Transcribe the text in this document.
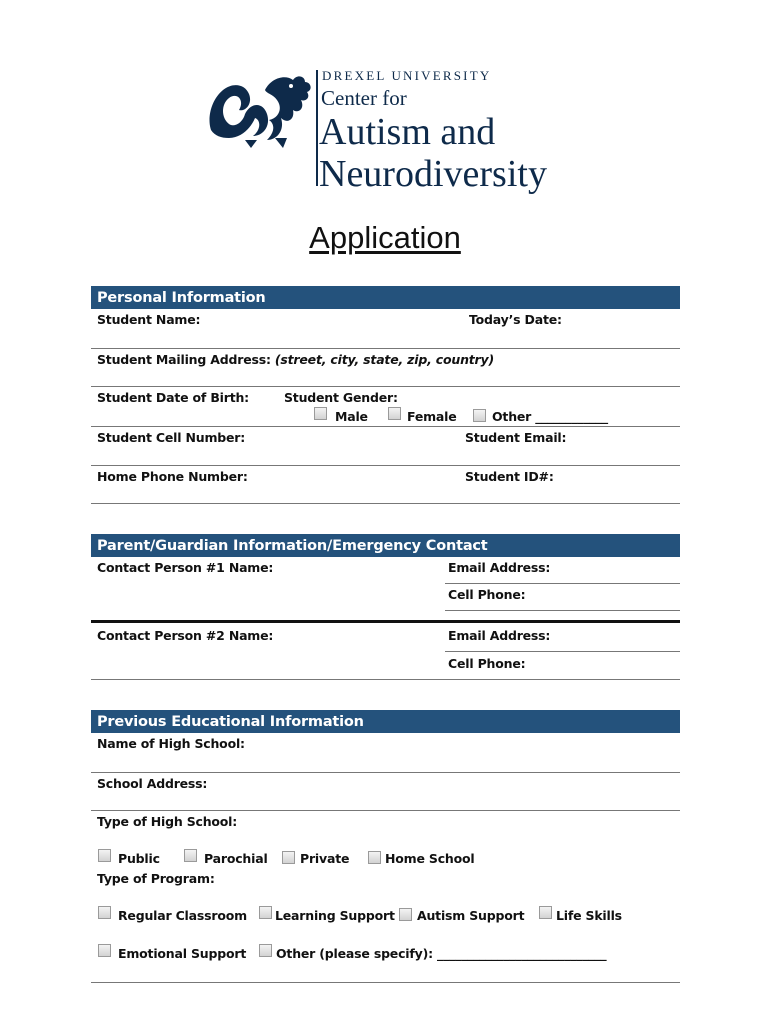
DREXEL UNIVERSITY
Center for
Autism and
Neurodiversity
Application
Personal Information
Student Name:	Today’s Date:
Student Mailing Address: (street, city, state, zip, country)
Student Date of Birth:	Student Gender:
Male	Female	Other ____________
Student Cell Number:	Student Email:
Home Phone Number:	Student ID#:
Parent/Guardian Information/Emergency Contact
Contact Person #1 Name:	Email Address:
Cell Phone:
Contact Person #2 Name:	Email Address:
Cell Phone:
Previous Educational Information
Name of High School:
School Address:
Type of High School:
Public	Parochial	Private	Home School
Type of Program:
Regular Classroom Learning Support Autism Support	Life Skills
Emotional Support Other (please specify): ____________________________
